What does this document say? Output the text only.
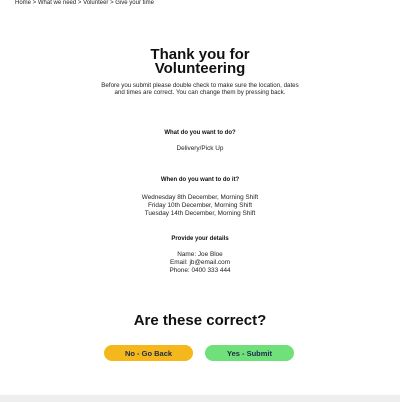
Home > What we need > Volunteer > Give your time
Thank you for
Volunteering
Before you submit please double check to make sure the location, dates and times are correct. You can change them by pressing back.
What do you want to do?
Delivery/Pick Up
When do you want to do it?
Wednesday 8th December, Morning Shift
Friday 10th December, Morning Shift
Tuesday 14th December, Morning Shift
Provide your details
Name: Joe Bloe
Email: jb@email.com
Phone: 0400 333 444
Are these correct?
No - Go Back	Yes - Submit
